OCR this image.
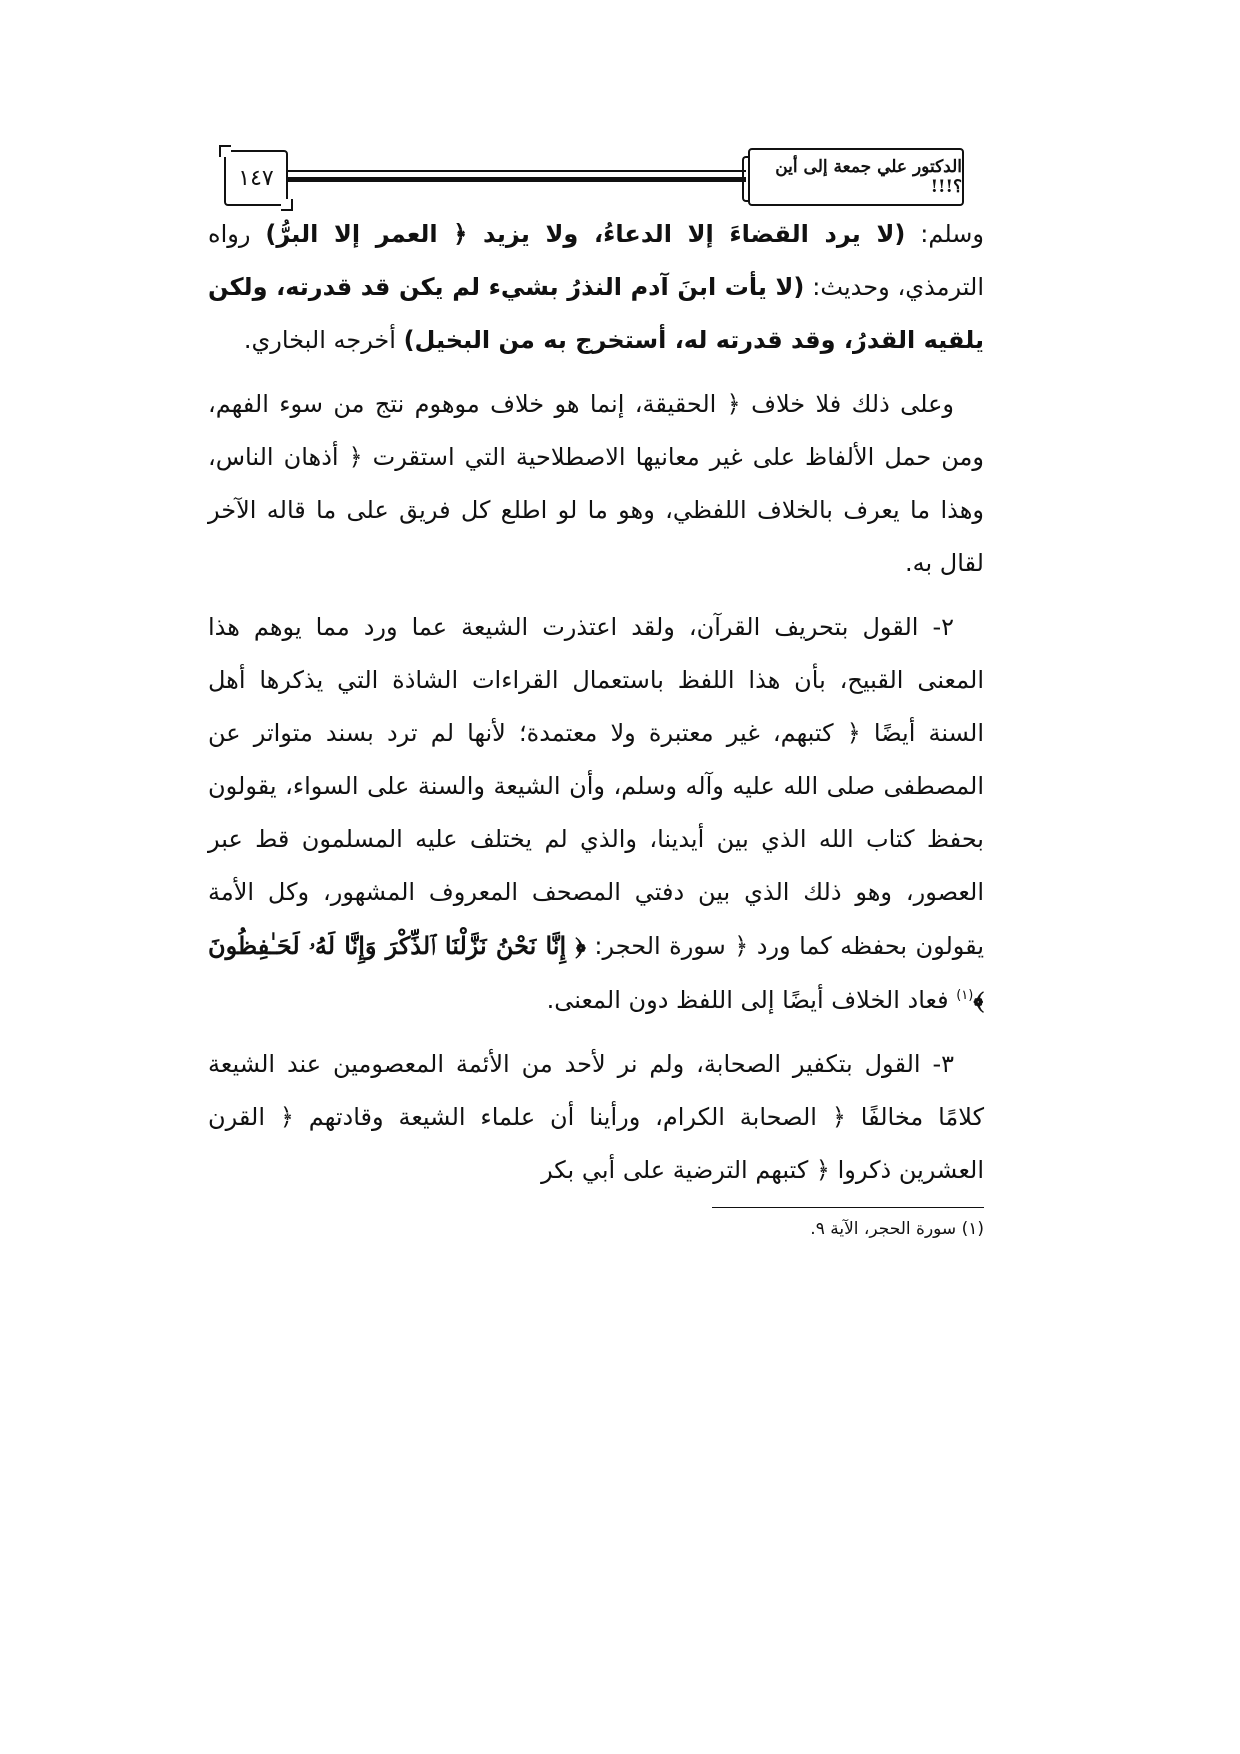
١٤٧	الدكتور علي جمعة إلى أين ؟!!!

وسلم: (لا يرد القضاءَ إلا الدعاءُ، ولا يزيد ﴿ العمر إلا البرُّ) رواه الترمذي، وحديث: (لا يأت ابنَ آدم النذرُ بشيء لم يكن قد قدرته، ولكن يلقيه القدرُ، وقد قدرته له، أستخرج به من البخيل) أخرجه البخاري.

وعلى ذلك فلا خلاف ﴿ الحقيقة، إنما هو خلاف موهوم نتج من سوء الفهم، ومن حمل الألفاظ على غير معانيها الاصطلاحية التي استقرت ﴿ أذهان الناس، وهذا ما يعرف بالخلاف اللفظي، وهو ما لو اطلع كل فريق على ما قاله الآخر لقال به.

٢- القول بتحريف القرآن، ولقد اعتذرت الشيعة عما ورد مما يوهم هذا المعنى القبيح، بأن هذا اللفظ باستعمال القراءات الشاذة التي يذكرها أهل السنة أيضًا ﴿ كتبهم، غير معتبرة ولا معتمدة؛ لأنها لم ترد بسند متواتر عن المصطفى صلى الله عليه وآله وسلم، وأن الشيعة والسنة على السواء، يقولون بحفظ كتاب الله الذي بين أيدينا، والذي لم يختلف عليه المسلمون قط عبر العصور، وهو ذلك الذي بين دفتي المصحف المعروف المشهور، وكل الأمة يقولون بحفظه كما ورد ﴿ سورة الحجر: ﴿ إِنَّا نَحْنُ نَزَّلْنَا ٱلذِّكْرَ وَإِنَّا لَهُۥ لَحَـٰفِظُونَ ﴾$^{(١)}$ فعاد الخلاف أيضًا إلى اللفظ دون المعنى.

٣- القول بتكفير الصحابة، ولم نر لأحد من الأئمة المعصومين عند الشيعة كلامًا مخالفًا ﴿ الصحابة الكرام، ورأينا أن علماء الشيعة وقادتهم ﴿ القرن العشرين ذكروا ﴿ كتبهم الترضية على أبي بكر

(١) سورة الحجر، الآية ٩.
